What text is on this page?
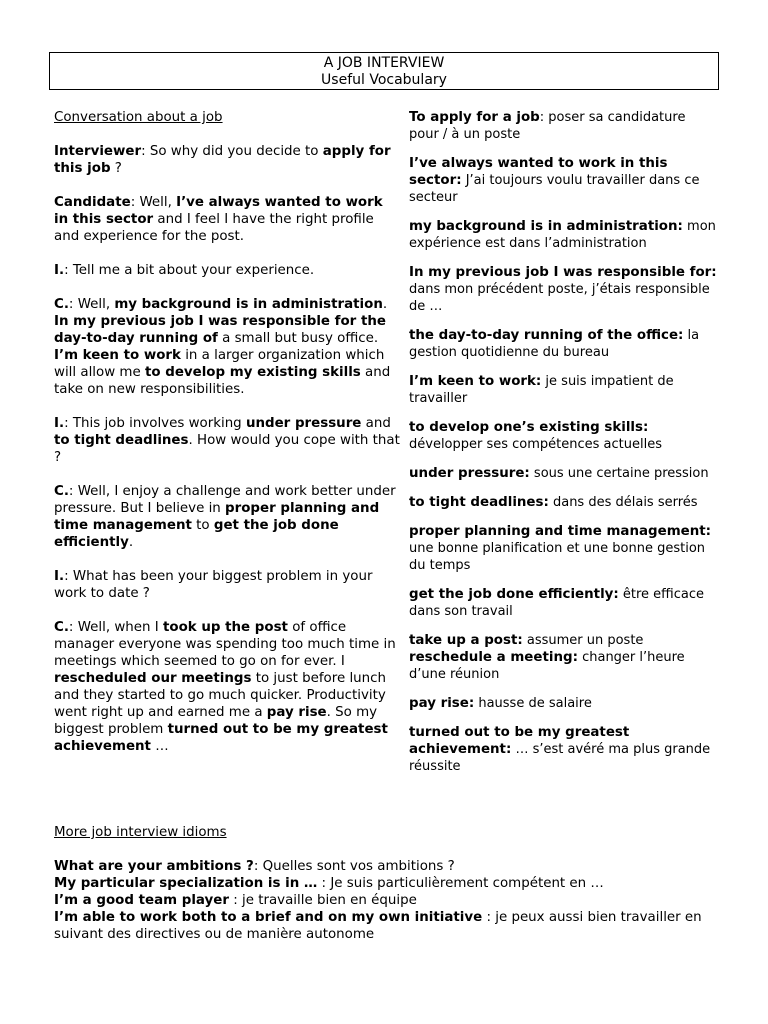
A JOB INTERVIEW
Useful Vocabulary

Conversation about a job

Interviewer: So why did you decide to apply for this job ?

Candidate: Well, I’ve always wanted to work in this sector and I feel I have the right profile and experience for the post.

I.: Tell me a bit about your experience.

C.: Well, my background is in administration. In my previous job I was responsible for the day-to-day running of a small but busy office. I’m keen to work in a larger organization which will allow me to develop my existing skills and take on new responsibilities.

I.: This job involves working under pressure and to tight deadlines. How would you cope with that ?

C.: Well, I enjoy a challenge and work better under pressure. But I believe in proper planning and time management to get the job done efficiently.

I.: What has been your biggest problem in your work to date ?

C.: Well, when I took up the post of office manager everyone was spending too much time in meetings which seemed to go on for ever. I rescheduled our meetings to just before lunch and they started to go much quicker. Productivity went right up and earned me a pay rise. So my biggest problem turned out to be my greatest achievement …

To apply for a job: poser sa candidature pour / à un poste

I’ve always wanted to work in this sector: J’ai toujours voulu travailler dans ce secteur

my background is in administration: mon expérience est dans l’administration

In my previous job I was responsible for: dans mon précédent poste, j’étais responsible de …

the day-to-day running of the office: la gestion quotidienne du bureau

I’m keen to work: je suis impatient de travailler

to develop one’s existing skills:
développer ses compétences actuelles

under pressure: sous une certaine pression

to tight deadlines: dans des délais serrés

proper planning and time management: une bonne planification et une bonne gestion du temps

get the job done efficiently: être efficace dans son travail

take up a post: assumer un poste
reschedule a meeting: changer l’heure d’une réunion

pay rise: hausse de salaire

turned out to be my greatest achievement: … s’est avéré ma plus grande réussite

More job interview idioms

What are your ambitions ?: Quelles sont vos ambitions ?

My particular specialization is in … : Je suis particulièrement compétent en …

I’m a good team player : je travaille bien en équipe

I’m able to work both to a brief and on my own initiative : je peux aussi bien travailler en suivant des directives ou de manière autonome
